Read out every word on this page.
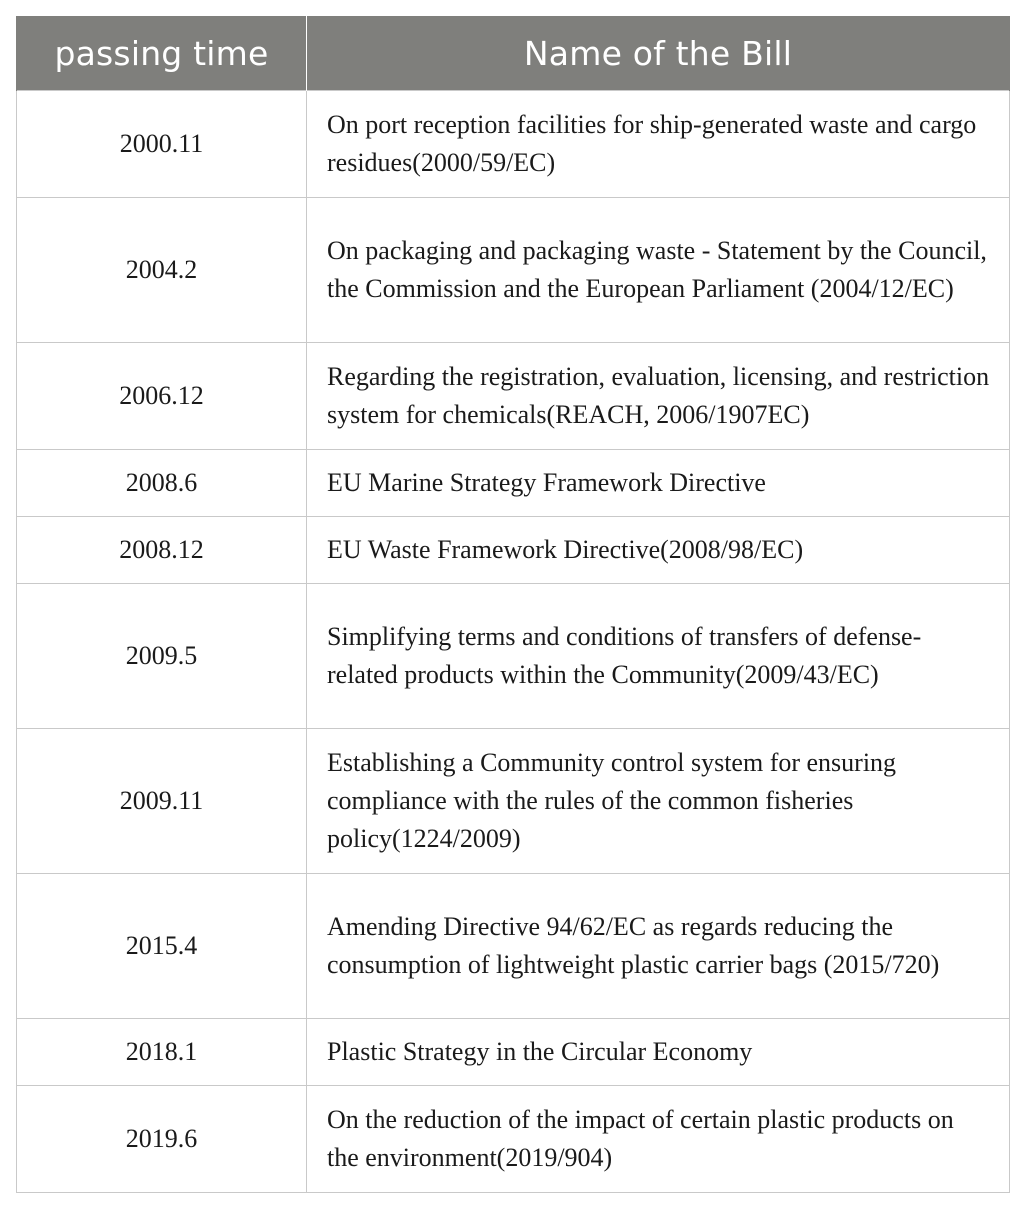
passing time	Name of the Bill
2000.11	On port reception facilities for ship-generated waste and cargo residues(2000/59/EC)
2004.2	On packaging and packaging waste - Statement by the Council, the Commission and the European Parliament (2004/12/EC)
2006.12	Regarding the registration, evaluation, licensing, and restriction system for chemicals(REACH, 2006/1907EC)
2008.6	EU Marine Strategy Framework Directive
2008.12	EU Waste Framework Directive(2008/98/EC)
2009.5	Simplifying terms and conditions of transfers of defense-related products within the Community(2009/43/EC)
2009.11	Establishing a Community control system for ensuring compliance with the rules of the common fisheries policy(1224/2009)
2015.4	Amending Directive 94/62/EC as regards reducing the consumption of lightweight plastic carrier bags (2015/720)
2018.1	Plastic Strategy in the Circular Economy
2019.6	On the reduction of the impact of certain plastic products on the environment(2019/904)
